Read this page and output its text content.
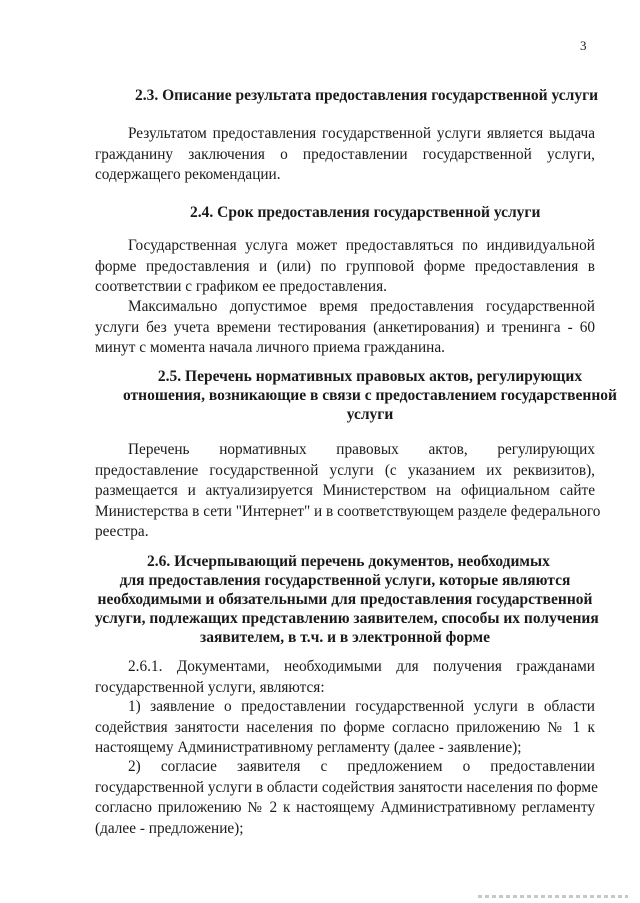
3
2.3. Описание результата предоставления государственной услуги

Результатом предоставления государственной услуги является выдача
гражданину заключения о предоставлении государственной услуги,
содержащего рекомендации.

2.4. Срок предоставления государственной услуги

Государственная услуга может предоставляться по индивидуальной
форме предоставления и (или) по групповой форме предоставления в
соответствии с графиком ее предоставления.

Максимально допустимое время предоставления государственной
услуги без учета времени тестирования (анкетирования) и тренинга - 60
минут с момента начала личного приема гражданина.

2.5. Перечень нормативных правовых актов, регулирующих
отношения, возникающие в связи с предоставлением государственной
услуги

Перечень нормативных правовых актов, регулирующих
предоставление государственной услуги (с указанием их реквизитов),
размещается и актуализируется Министерством на официальном сайте
Министерства в сети "Интернет" и в соответствующем разделе федерального
реестра.

2.6. Исчерпывающий перечень документов, необходимых
для предоставления государственной услуги, которые являются
необходимыми и обязательными для предоставления государственной
услуги, подлежащих представлению заявителем, способы их получения
заявителем, в т.ч. и в электронной форме

2.6.1. Документами, необходимыми для получения гражданами
государственной услуги, являются:

1) заявление о предоставлении государственной услуги в области
содействия занятости населения по форме согласно приложению № 1 к
настоящему Административному регламенту (далее - заявление);

2) согласие заявителя с предложением о предоставлении
государственной услуги в области содействия занятости населения по форме
согласно приложению № 2 к настоящему Административному регламенту
(далее - предложение);
